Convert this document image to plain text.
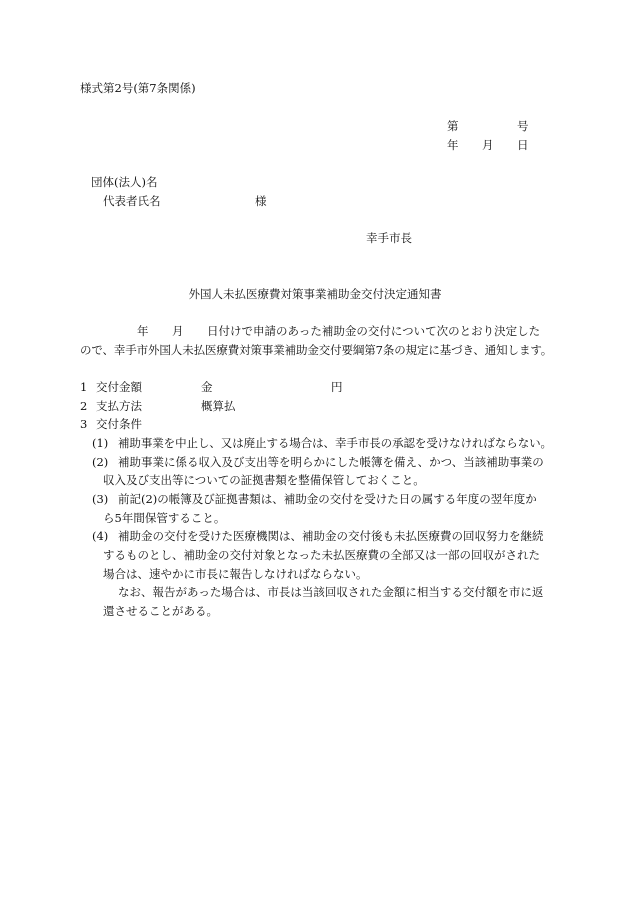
様式第2号(第7条関係)
第	号
年 月 日
団体(法人)名
代表者氏名	様
幸手市長
外国人未払医療費対策事業補助金交付決定通知書
年 月 日付けで申請のあった補助金の交付について次のとおり決定した
ので、幸手市外国人未払医療費対策事業補助金交付要綱第7条の規定に基づき、通知します。
1 交付金額	金	円
2 支払方法	概算払
3 交付条件
(1) 補助事業を中止し、又は廃止する場合は、幸手市長の承認を受けなければならない。
(2) 補助事業に係る収入及び支出等を明らかにした帳簿を備え、かつ、当該補助事業の
収入及び支出等についての証拠書類を整備保管しておくこと。
(3) 前記(2)の帳簿及び証拠書類は、補助金の交付を受けた日の属する年度の翌年度か
ら5年間保管すること。
(4) 補助金の交付を受けた医療機関は、補助金の交付後も未払医療費の回収努力を継続
するものとし、補助金の交付対象となった未払医療費の全部又は一部の回収がされた
場合は、速やかに市長に報告しなければならない。
なお、報告があった場合は、市長は当該回収された金額に相当する交付額を市に返
還させることがある。
